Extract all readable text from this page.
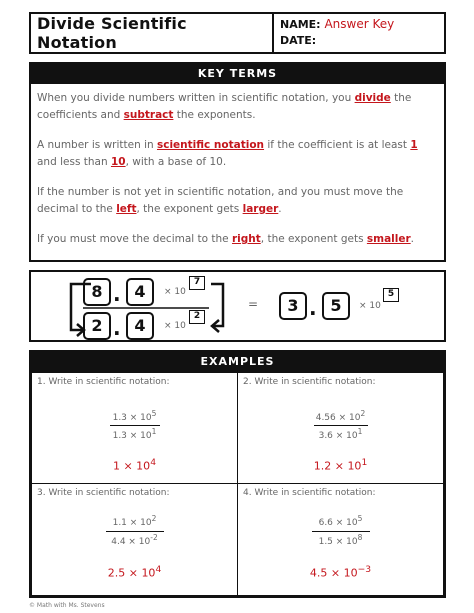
Divide Scientific Notation
NAME: Answer Key
DATE:
KEY TERMS

When you divide numbers written in scientific notation, you divide the coefficients and subtract the exponents.

A number is written in scientific notation if the coefficient is at least 1 and less than 10, with a base of 10.

If the number is not yet in scientific notation, and you must move the decimal to the left, the exponent gets larger.

If you must move the decimal to the right, the exponent gets smaller.

8 . 4	× 10
7
2 . 4	× 10
2
=	3 . 5	× 10
5
EXAMPLES
1. Write in scientific notation:
$1.3 \times 10^5$
$1.3 \times 10^1$
$1 \times 10^4$
2. Write in scientific notation:
$4.56 \times 10^2$
$3.6 \times 10^1$
$1.2 \times 10^1$
3. Write in scientific notation:
$1.1 \times 10^2$
$4.4 \times 10^{-2}$
$2.5 \times 10^4$
4. Write in scientific notation:
$6.6 \times 10^5$
$1.5 \times 10^8$
$4.5 \times 10^{-3}$
© Math with Ms. Stevens
